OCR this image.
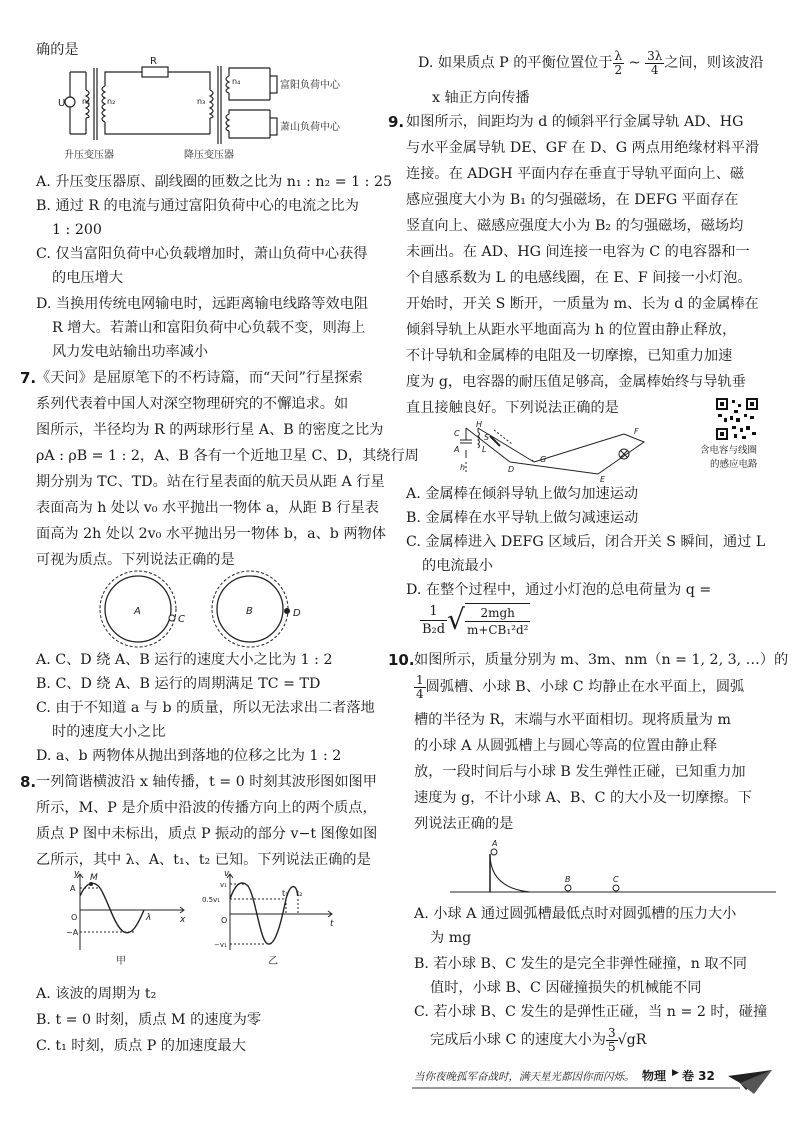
确的是
U n₁ n₂
R
n₃
n₄	富阳负荷中心
萧山负荷中心
升压变压器	降压变压器
A. 升压变压器原、副线圈的匝数之比为 n₁ : n₂ = 1 : 25
B. 通过 R 的电流与通过富阳负荷中心的电流之比为
1 : 200
C. 仅当富阳负荷中心负载增加时，萧山负荷中心获得
的电压增大
D. 当换用传统电网输电时，远距离输电线路等效电阻
R 增大。若萧山和富阳负荷中心负载不变，则海上
风力发电站输出功率减小
7. 《天问》是屈原笔下的不朽诗篇，而“天问”行星探索
系列代表着中国人对深空物理研究的不懈追求。如
图所示，半径均为 R 的两球形行星 A、B 的密度之比为
ρA : ρB = 1 : 2，A、B 各有一个近地卫星 C、D，其绕行周
期分别为 TC、TD。站在行星表面的航天员从距 A 行星
表面高为 h 处以 v₀ 水平抛出一物体 a，从距 B 行星表
面高为 2h 处以 2v₀ 水平抛出另一物体 b，a、b 两物体
可视为质点。下列说法正确的是
A	B
C
D
A. C、D 绕 A、B 运行的速度大小之比为 1 : 2
B. C、D 绕 A、B 运行的周期满足 TC = TD
C. 由于不知道 a 与 b 的质量，所以无法求出二者落地
时的速度大小之比
D. a、b 两物体从抛出到落地的位移之比为 1 : 2
8. 一列简谐横波沿 x 轴传播，t = 0 时刻其波形图如图甲
所示，M、P 是介质中沿波的传播方向上的两个质点，
质点 P 图中未标出，质点 P 振动的部分 v−t 图像如图
乙所示，其中 λ、A、t₁、t₂ 已知。下列说法正确的是
M
y
x
O
A
−A
λ
甲
v
t
O
v₁
0.5v₁
−v₁
t₁ t₂
乙
A. 该波的周期为 t₂
B. t = 0 时刻，质点 M 的速度为零
C. t₁ 时刻，质点 P 的加速度最大
D. 如果质点 P 的平衡位置位于 $\frac{\lambda}{2}$ ~ $\frac{3\lambda}{4}$ 之间，则该波沿
x 轴正方向传播
9. 如图所示，间距均为 d 的倾斜平行金属导轨 AD、HG
与水平金属导轨 DE、GF 在 D、G 两点用绝缘材料平滑
连接。在 ADGH 平面内存在垂直于导轨平面向上、磁
感应强度大小为 B₁ 的匀强磁场，在 DEFG 平面存在
竖直向上、磁感应强度大小为 B₂ 的匀强磁场，磁场均
未画出。在 AD、HG 间连接一电容为 C 的电容器和一
个自感系数为 L 的电感线圈，在 E、F 间接一小灯泡。
开始时，开关 S 断开，一质量为 m、长为 d 的金属棒在
倾斜导轨上从距水平地面高为 h 的位置由静止释放，
不计导轨和金属棒的电阻及一切摩擦，已知重力加速
度为 g，电容器的耐压值足够高，金属棒始终与导轨垂
直且接触良好。下列说法正确的是
H
C	S
A	L
h	D
G
F
E
含电容与线圈
的感应电路
A. 金属棒在倾斜导轨上做匀加速运动
B. 金属棒在水平导轨上做匀减速运动
C. 金属棒进入 DEFG 区域后，闭合开关 S 瞬间，通过 L
的电流最小
D. 在整个过程中，通过小灯泡的总电荷量为 q =
$\frac{1}{\text{B₂d}}$ √ $\frac{\text{2mgh}}{\text{m+CB₁²d²}}$
10. 如图所示，质量分别为 m、3m、nm（n = 1, 2, 3, …）的
$\frac{1}{4}$ 圆弧槽、小球 B、小球 C 均静止在水平面上，圆弧
槽的半径为 R，末端与水平面相切。现将质量为 m
的小球 A 从圆弧槽上与圆心等高的位置由静止释
放，一段时间后与小球 B 发生弹性正碰，已知重力加
速度为 g，不计小球 A、B、C 的大小及一切摩擦。下
列说法正确的是
A
B	C
A. 小球 A 通过圆弧槽最低点时对圆弧槽的压力大小
为 mg
B. 若小球 B、C 发生的是完全非弹性碰撞，n 取不同
值时，小球 B、C 因碰撞损失的机械能不同
C. 若小球 B、C 发生的是弹性正碰，当 n = 2 时，碰撞
完成后小球 C 的速度大小为 $\frac{3}{5} √gR$
当你夜晚孤军奋战时，满天星光都因你而闪烁。 物理 ▶ 卷 32
